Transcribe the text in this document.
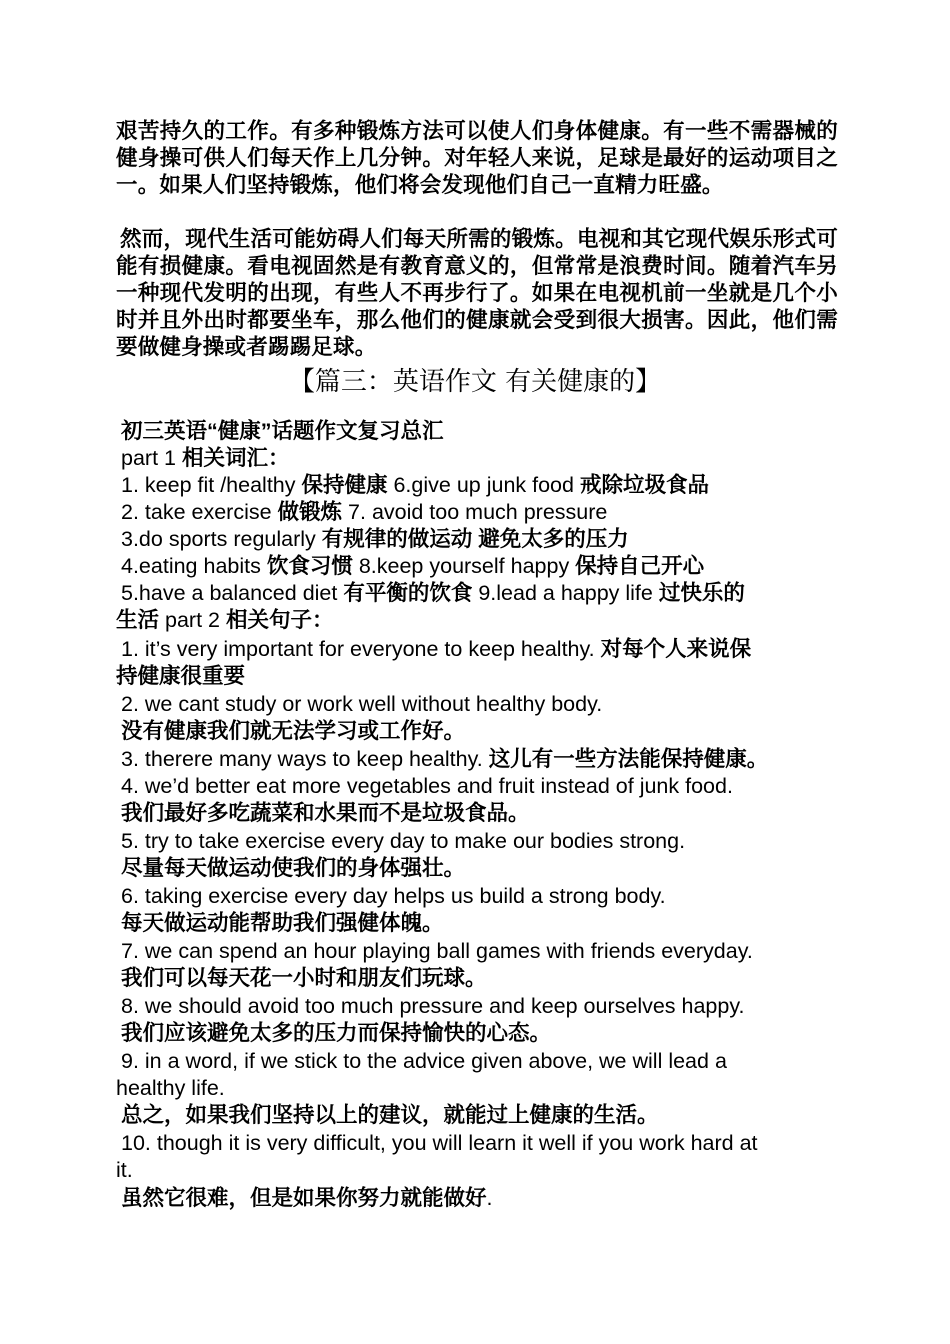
艰苦持久的工作。有多种锻炼方法可以使人们身体健康。有一些不需器械的健身操可供人们每天作上几分钟。对年轻人来说，足球是最好的运动项目之一。如果人们坚持锻炼，他们将会发现他们自己一直精力旺盛。
然而，现代生活可能妨碍人们每天所需的锻炼。电视和其它现代娱乐形式可能有损健康。看电视固然是有教育意义的，但常常是浪费时间。随着汽车另一种现代发明的出现，有些人不再步行了。如果在电视机前一坐就是几个小时并且外出时都要坐车，那么他们的健康就会受到很大损害。因此，他们需要做健身操或者踢踢足球。
【篇三：英语作文 有关健康的】
初三英语“健康”话题作文复习总汇
part 1 相关词汇：
1. keep fit /healthy 保持健康 6.give up junk food 戒除垃圾食品
2. take exercise 做锻炼 7. avoid too much pressure
3.do sports regularly 有规律的做运动 避免太多的压力
4.eating habits 饮食习惯 8.keep yourself happy 保持自己开心
5.have a balanced diet 有平衡的饮食 9.lead a happy life 过快乐的
生活 part 2 相关句子：
1. it’s very important for everyone to keep healthy. 对每个人来说保
持健康很重要
2. we cant study or work well without healthy body.
没有健康我们就无法学习或工作好。
3. therere many ways to keep healthy. 这儿有一些方法能保持健康。
4. we’d better eat more vegetables and fruit instead of junk food.
我们最好多吃蔬菜和水果而不是垃圾食品。
5. try to take exercise every day to make our bodies strong.
尽量每天做运动使我们的身体强壮。
6. taking exercise every day helps us build a strong body.
每天做运动能帮助我们强健体魄。
7. we can spend an hour playing ball games with friends everyday.
我们可以每天花一小时和朋友们玩球。
8. we should avoid too much pressure and keep ourselves happy.
我们应该避免太多的压力而保持愉快的心态。
9. in a word, if we stick to the advice given above, we will lead a
healthy life.
总之，如果我们坚持以上的建议，就能过上健康的生活。
10. though it is very difficult, you will learn it well if you work hard at
it.
虽然它很难，但是如果你努力就能做好.
